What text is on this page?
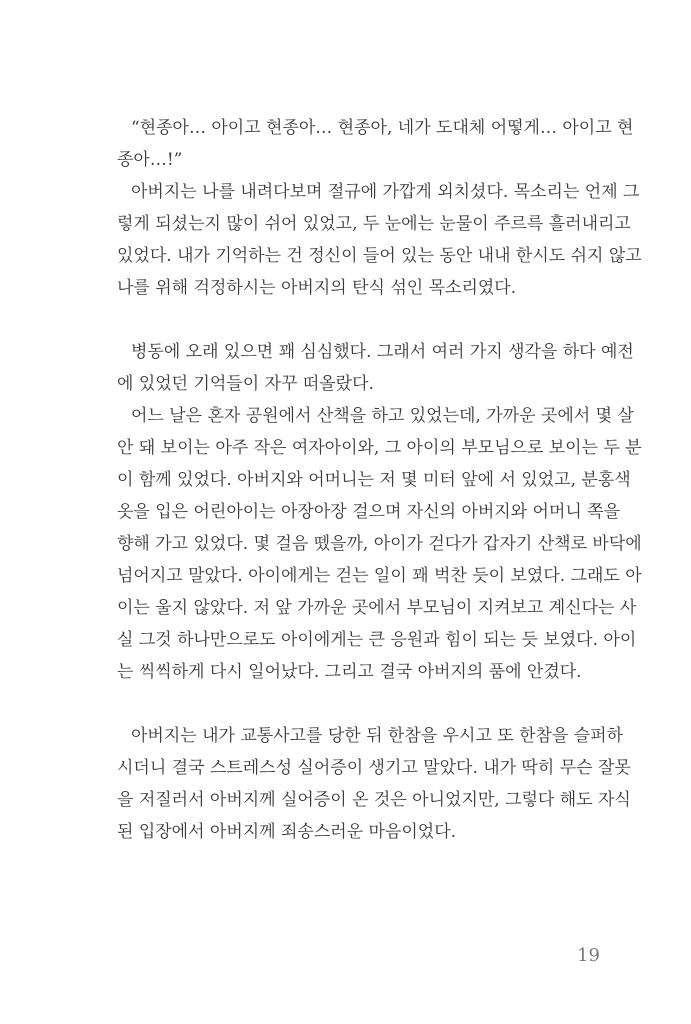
“현종아… 아이고 현종아… 현종아, 네가 도대체 어떻게… 아이고 현
종아…!”
아버지는 나를 내려다보며 절규에 가깝게 외치셨다. 목소리는 언제 그
렇게 되셨는지 많이 쉬어 있었고, 두 눈에는 눈물이 주르륵 흘러내리고
있었다. 내가 기억하는 건 정신이 들어 있는 동안 내내 한시도 쉬지 않고
나를 위해 걱정하시는 아버지의 탄식 섞인 목소리였다.
병동에 오래 있으면 꽤 심심했다. 그래서 여러 가지 생각을 하다 예전
에 있었던 기억들이 자꾸 떠올랐다.
어느 날은 혼자 공원에서 산책을 하고 있었는데, 가까운 곳에서 몇 살
안 돼 보이는 아주 작은 여자아이와, 그 아이의 부모님으로 보이는 두 분
이 함께 있었다. 아버지와 어머니는 저 몇 미터 앞에 서 있었고, 분홍색
옷을 입은 어린아이는 아장아장 걸으며 자신의 아버지와 어머니 쪽을
향해 가고 있었다. 몇 걸음 뗐을까, 아이가 걷다가 갑자기 산책로 바닥에
넘어지고 말았다. 아이에게는 걷는 일이 꽤 벅찬 듯이 보였다. 그래도 아
이는 울지 않았다. 저 앞 가까운 곳에서 부모님이 지켜보고 계신다는 사
실 그것 하나만으로도 아이에게는 큰 응원과 힘이 되는 듯 보였다. 아이
는 씩씩하게 다시 일어났다. 그리고 결국 아버지의 품에 안겼다.
아버지는 내가 교통사고를 당한 뒤 한참을 우시고 또 한참을 슬퍼하
시더니 결국 스트레스성 실어증이 생기고 말았다. 내가 딱히 무슨 잘못
을 저질러서 아버지께 실어증이 온 것은 아니었지만, 그렇다 해도 자식
된 입장에서 아버지께 죄송스러운 마음이었다.
19
